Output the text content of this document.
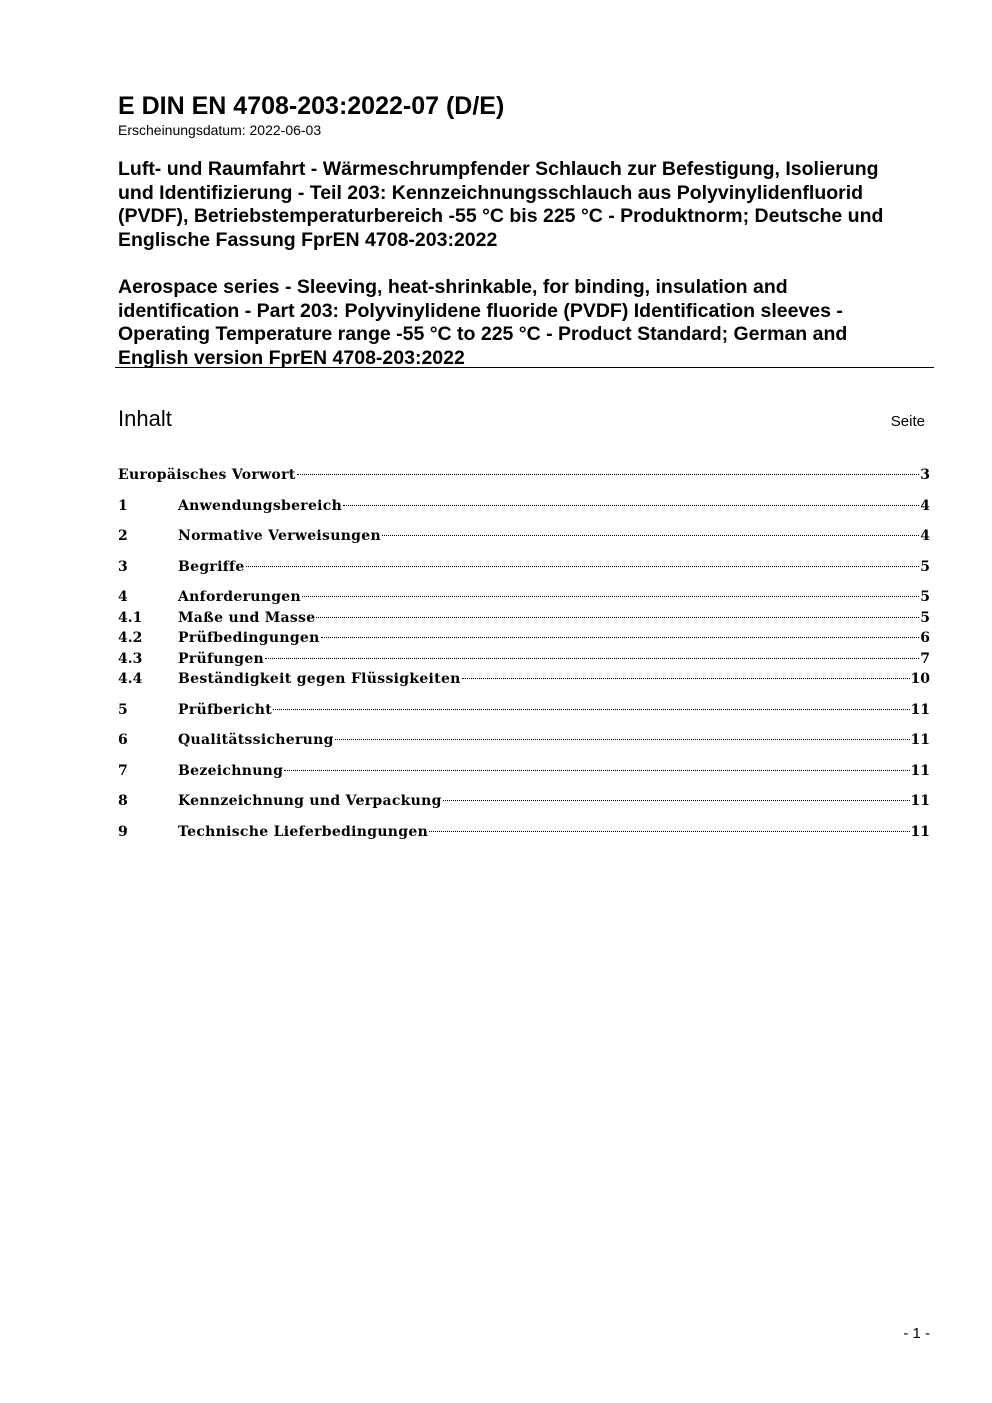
E DIN EN 4708-203:2022-07 (D/E)
Erscheinungsdatum: 2022-06-03
Luft- und Raumfahrt - Wärmeschrumpfender Schlauch zur Befestigung, Isolierung und Identifizierung - Teil 203: Kennzeichnungsschlauch aus Polyvinylidenfluorid (PVDF), Betriebstemperaturbereich -55 °C bis 225 °C - Produktnorm; Deutsche und Englische Fassung FprEN 4708-203:2022
Aerospace series - Sleeving, heat-shrinkable, for binding, insulation and identification - Part 203: Polyvinylidene fluoride (PVDF) Identification sleeves - Operating Temperature range -55 °C to 225 °C - Product Standard; German and English version FprEN 4708-203:2022
Inhalt	Seite
Europäisches Vorwort	3
1	Anwendungsbereich	4
2	Normative Verweisungen	4
3	Begriffe	5
4	Anforderungen	5
4.1	Maße und Masse	5
4.2	Prüfbedingungen	6
4.3	Prüfungen	7
4.4	Beständigkeit gegen Flüssigkeiten	10
5	Prüfbericht	11
6	Qualitätssicherung	11
7	Bezeichnung	11
8	Kennzeichnung und Verpackung	11
9	Technische Lieferbedingungen	11
- 1 -
